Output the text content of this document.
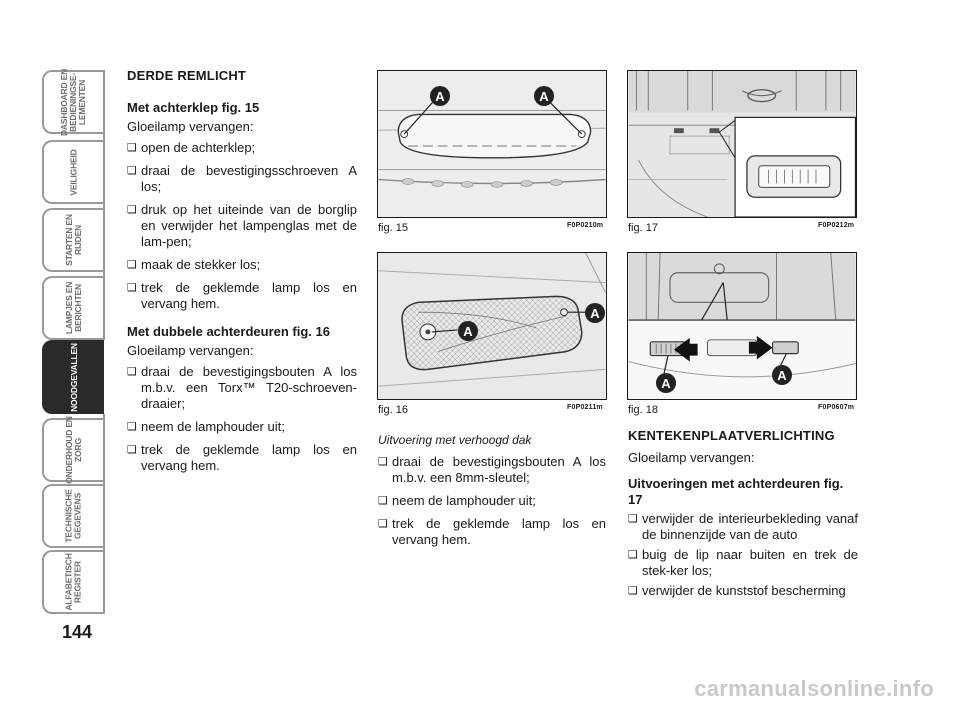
DASHBOARD EN
BEDIENINGSE-
LEMENTEN
VEILIGHEID
STARTEN EN
RIJDEN
LAMPJES EN
BERICHTEN
NOODGEVALLEN
ONDERHOUD EN
ZORG
TECHNISCHE
GEGEVENS
ALFABETISCH
REGISTER
144

DERDE REMLICHT

Met achterklep fig. 15

Gloeilamp vervangen:

❑ open de achterklep;
❑ draai de bevestigingsschroeven A los;
❑ druk op het uiteinde van de borglip en verwijder het lampenglas met de lam-pen;
❑ maak de stekker los;
❑ trek de geklemde lamp los en vervang hem.

Met dubbele achterdeuren fig. 16

Gloeilamp vervangen:

❑ draai de bevestigingsbouten A los m.b.v. een Torx™ T20-schroeven-draaier;
❑ neem de lamphouder uit;
❑ trek de geklemde lamp los en vervang hem.
A	A
fig. 15	F0P0210m fig. 17	F0P0212m
A
A
fig. 16	F0P0211m
A
A
fig. 18	F0P0607m

Uitvoering met verhoogd dak

❑ draai de bevestigingsbouten A los m.b.v. een 8mm-sleutel;
❑ neem de lamphouder uit;
❑ trek de geklemde lamp los en vervang hem.

KENTEKENPLAATVERLICHTING

Gloeilamp vervangen:

Uitvoeringen met achterdeuren fig. 17

❑ verwijder de interieurbekleding vanaf de binnenzijde van de auto
❑ buig de lip naar buiten en trek de stek-ker los;
❑ verwijder de kunststof bescherming
carmanualsonline.info
